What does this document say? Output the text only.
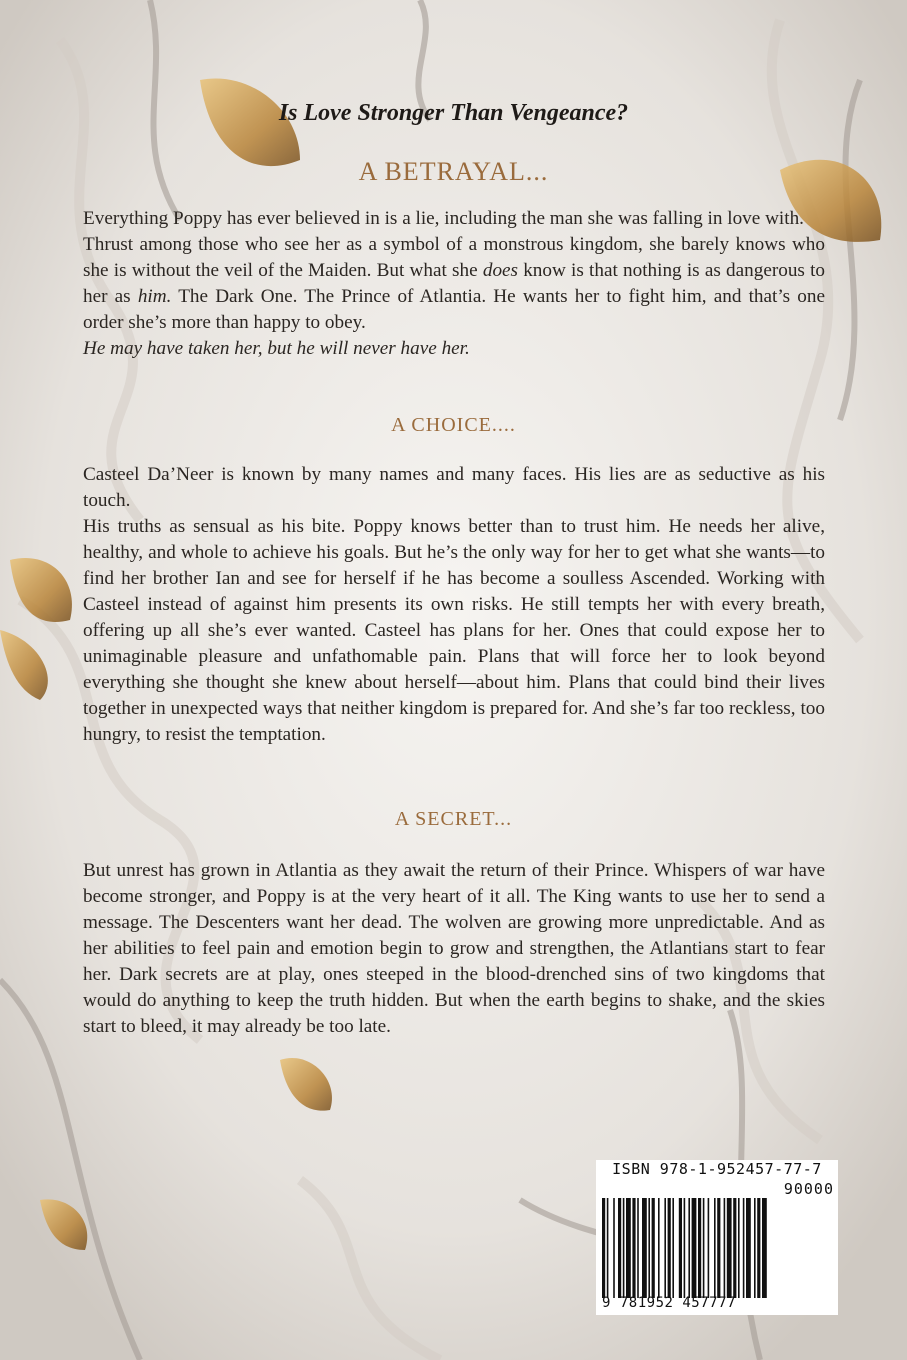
Is Love Stronger Than Vengeance?
A BETRAYAL...

Everything Poppy has ever believed in is a lie, including the man she was falling in love with.

Thrust among those who see her as a symbol of a monstrous kingdom, she barely knows who she is without the veil of the Maiden. But what she does know is that nothing is as dangerous to her as him. The Dark One. The Prince of Atlantia. He wants her to fight him, and that’s one order she’s more than happy to obey.

He may have taken her, but he will never have her.

A CHOICE....

Casteel Da’Neer is known by many names and many faces. His lies are as seductive as his touch.

His truths as sensual as his bite. Poppy knows better than to trust him. He needs her alive, healthy, and whole to achieve his goals. But he’s the only way for her to get what she wants—to find her brother Ian and see for herself if he has become a soulless Ascended. Working with Casteel instead of against him presents its own risks. He still tempts her with every breath, offering up all she’s ever wanted. Casteel has plans for her. Ones that could expose her to unimaginable pleasure and unfathomable pain. Plans that will force her to look beyond everything she thought she knew about herself—about him. Plans that could bind their lives together in unexpected ways that neither kingdom is prepared for. And she’s far too reckless, too hungry, to resist the temptation.

A SECRET...

But unrest has grown in Atlantia as they await the return of their Prince. Whispers of war have become stronger, and Poppy is at the very heart of it all. The King wants to use her to send a message. The Descenters want her dead. The wolven are growing more unpredictable. And as her abilities to feel pain and emotion begin to grow and strengthen, the Atlantians start to fear her. Dark secrets are at play, ones steeped in the blood-drenched sins of two kingdoms that would do anything to keep the truth hidden. But when the earth begins to shake, and the skies start to bleed, it may already be too late.

ISBN 978-1-952457-77-7
90000
9 781952 457777
